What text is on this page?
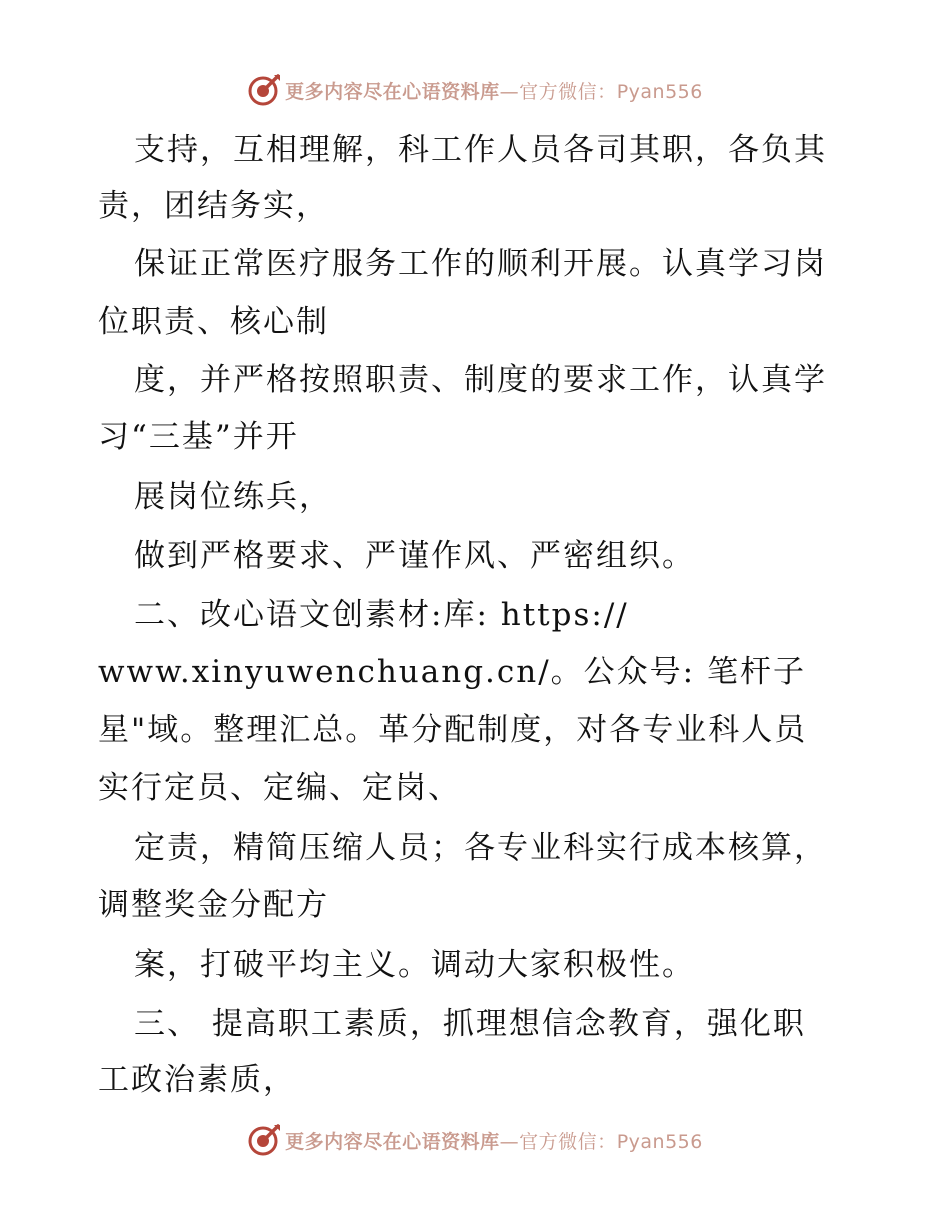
更多内容尽在心语资料库—官方微信：Pyan556
支持，互相理解，科工作人员各司其职，各负其
责，团结务实，
保证正常医疗服务工作的顺利开展。认真学习岗
位职责、核心制
度，并严格按照职责、制度的要求工作，认真学
习“三基”并开
展岗位练兵，
做到严格要求、严谨作风、严密组织。
二、改心语文创素材:库: https://
www.xinyuwenchuang.cn/。公众号: 笔杆子
星"域。整理汇总。革分配制度，对各专业科人员
实行定员、定编、定岗、
定责，精简压缩人员；各专业科实行成本核算，
调整奖金分配方
案，打破平均主义。调动大家积极性。
三、 提高职工素质，抓理想信念教育，强化职
工政治素质，
更多内容尽在心语资料库—官方微信：Pyan556
